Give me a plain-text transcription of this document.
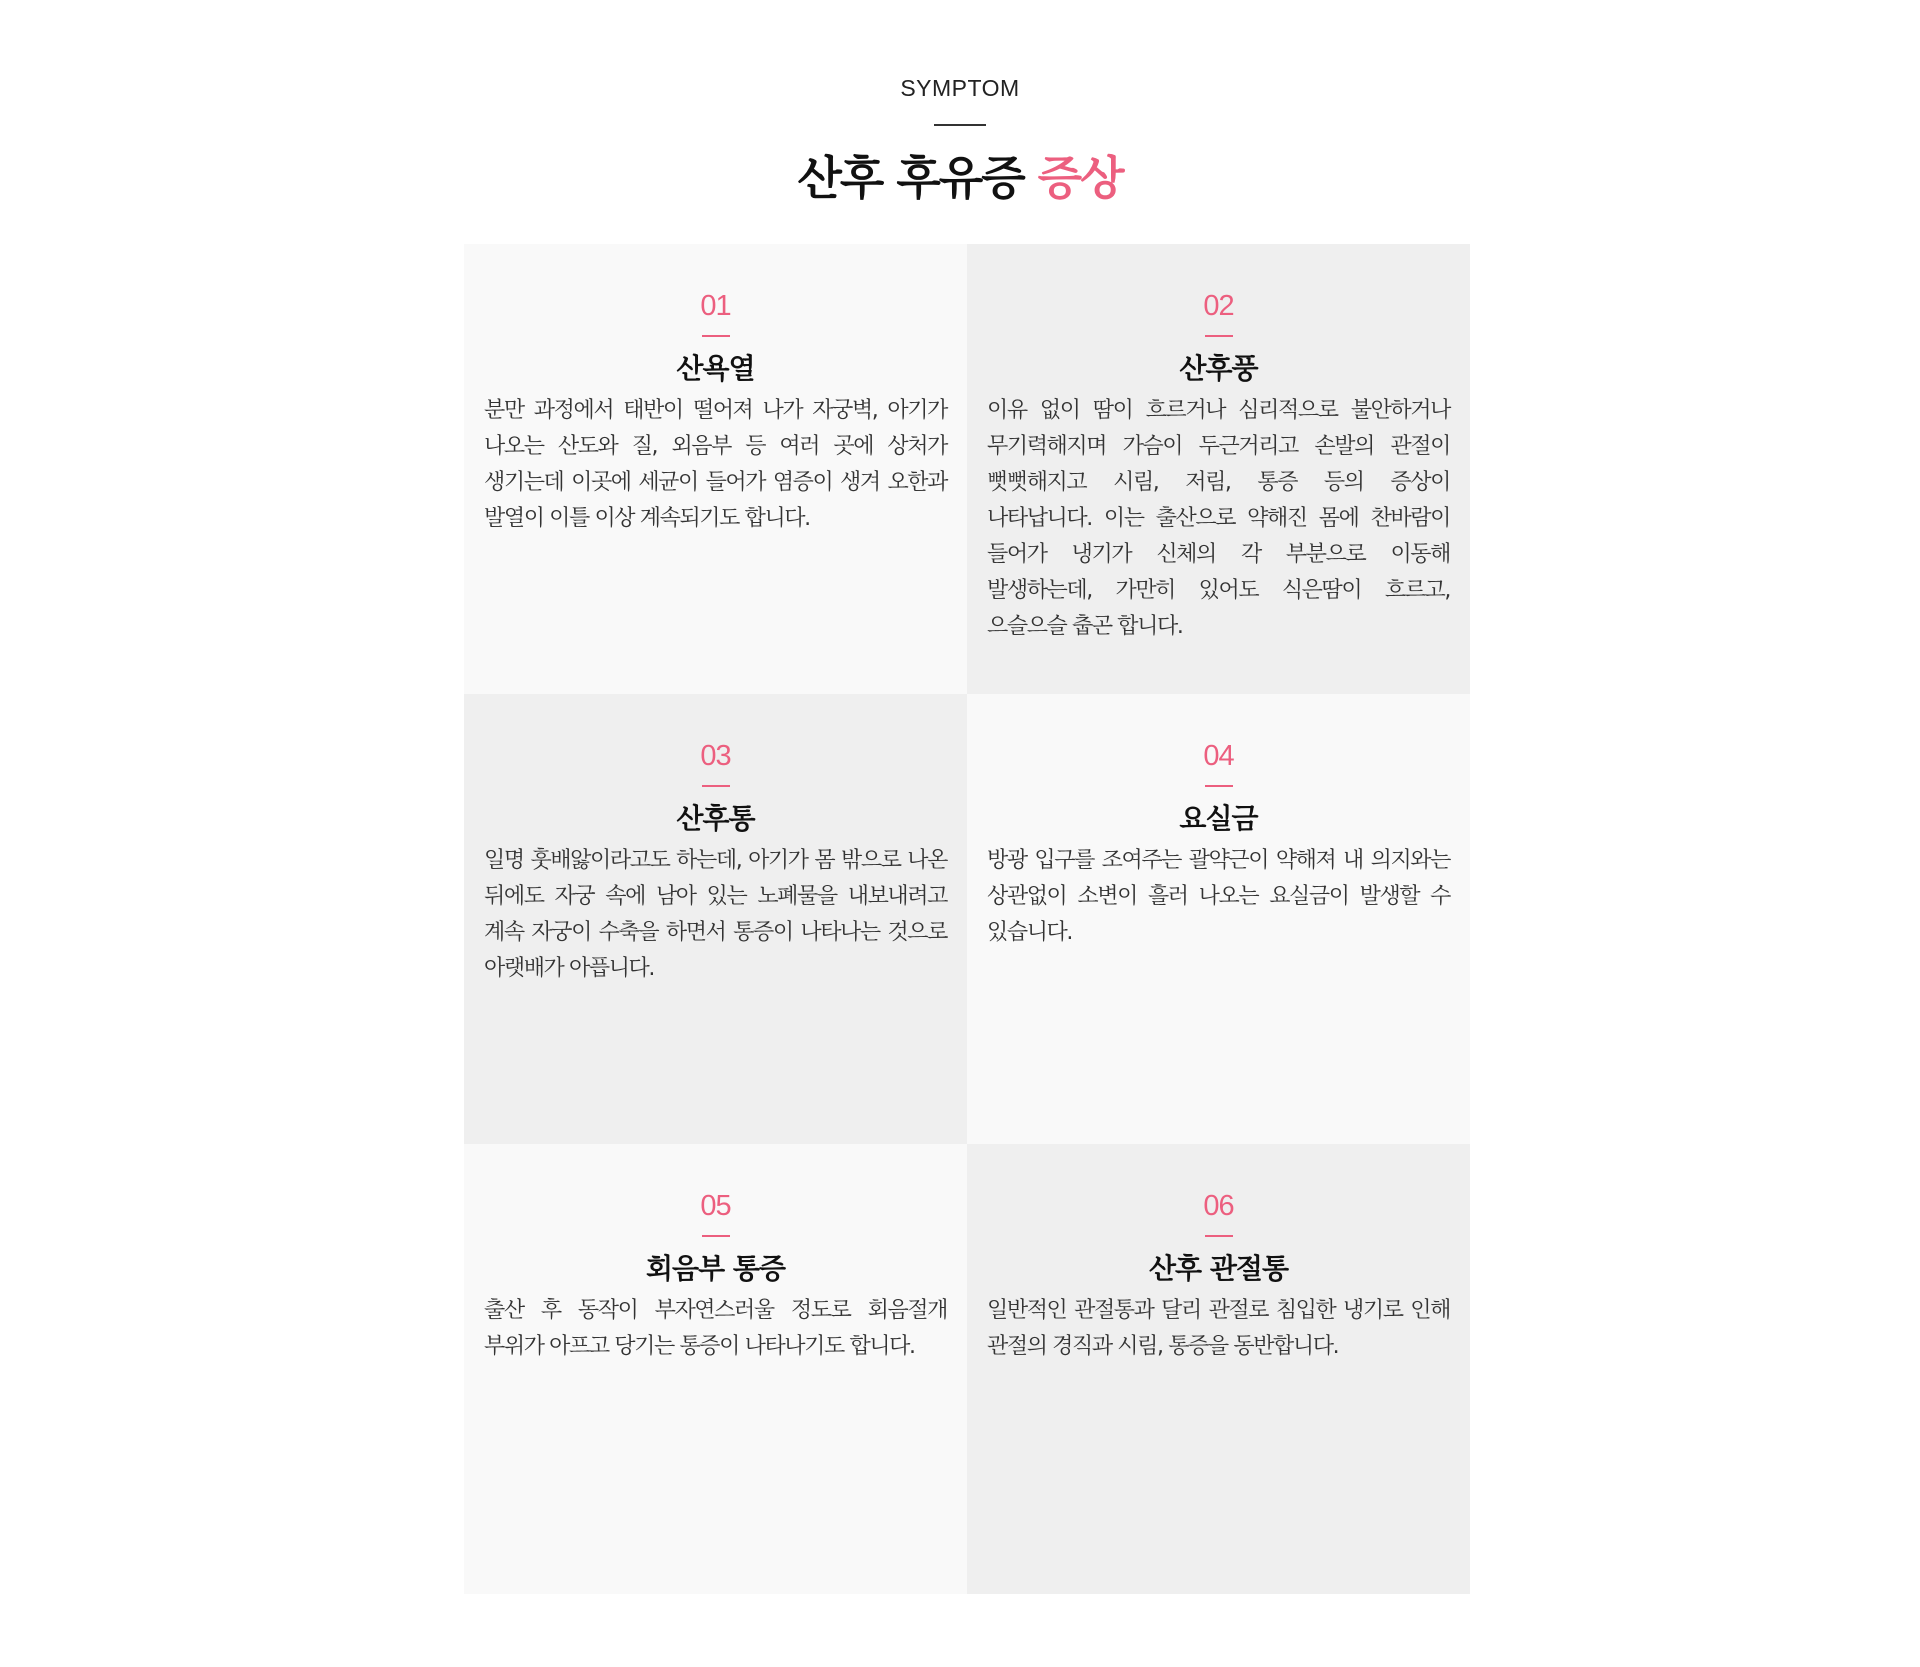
SYMPTOM
산후 후유증 증상
01
산욕열

분만 과정에서 태반이 떨어져 나가 자궁벽, 아기가 나오는 산도와 질, 외음부 등 여러 곳에 상처가 생기는데 이곳에 세균이 들어가 염증이 생겨 오한과 발열이 이틀 이상 계속되기도 합니다.

02
산후풍

이유 없이 땀이 흐르거나 심리적으로 불안하거나 무기력해지며 가슴이 두근거리고 손발의 관절이 뻣뻣해지고 시림, 저림, 통증 등의 증상이 나타납니다. 이는 출산으로 약해진 몸에 찬바람이 들어가 냉기가 신체의 각 부분으로 이동해 발생하는데, 가만히 있어도 식은땀이 흐르고, 으슬으슬 춥곤 합니다.

03
산후통

일명 훗배앓이라고도 하는데, 아기가 몸 밖으로 나온 뒤에도 자궁 속에 남아 있는 노폐물을 내보내려고 계속 자궁이 수축을 하면서 통증이 나타나는 것으로 아랫배가 아픕니다.

04
요실금

방광 입구를 조여주는 괄약근이 약해져 내 의지와는 상관없이 소변이 흘러 나오는 요실금이 발생할 수 있습니다.

05
회음부 통증

출산 후 동작이 부자연스러울 정도로 회음절개 부위가 아프고 당기는 통증이 나타나기도 합니다.

06
산후 관절통

일반적인 관절통과 달리 관절로 침입한 냉기로 인해 관절의 경직과 시림, 통증을 동반합니다.
